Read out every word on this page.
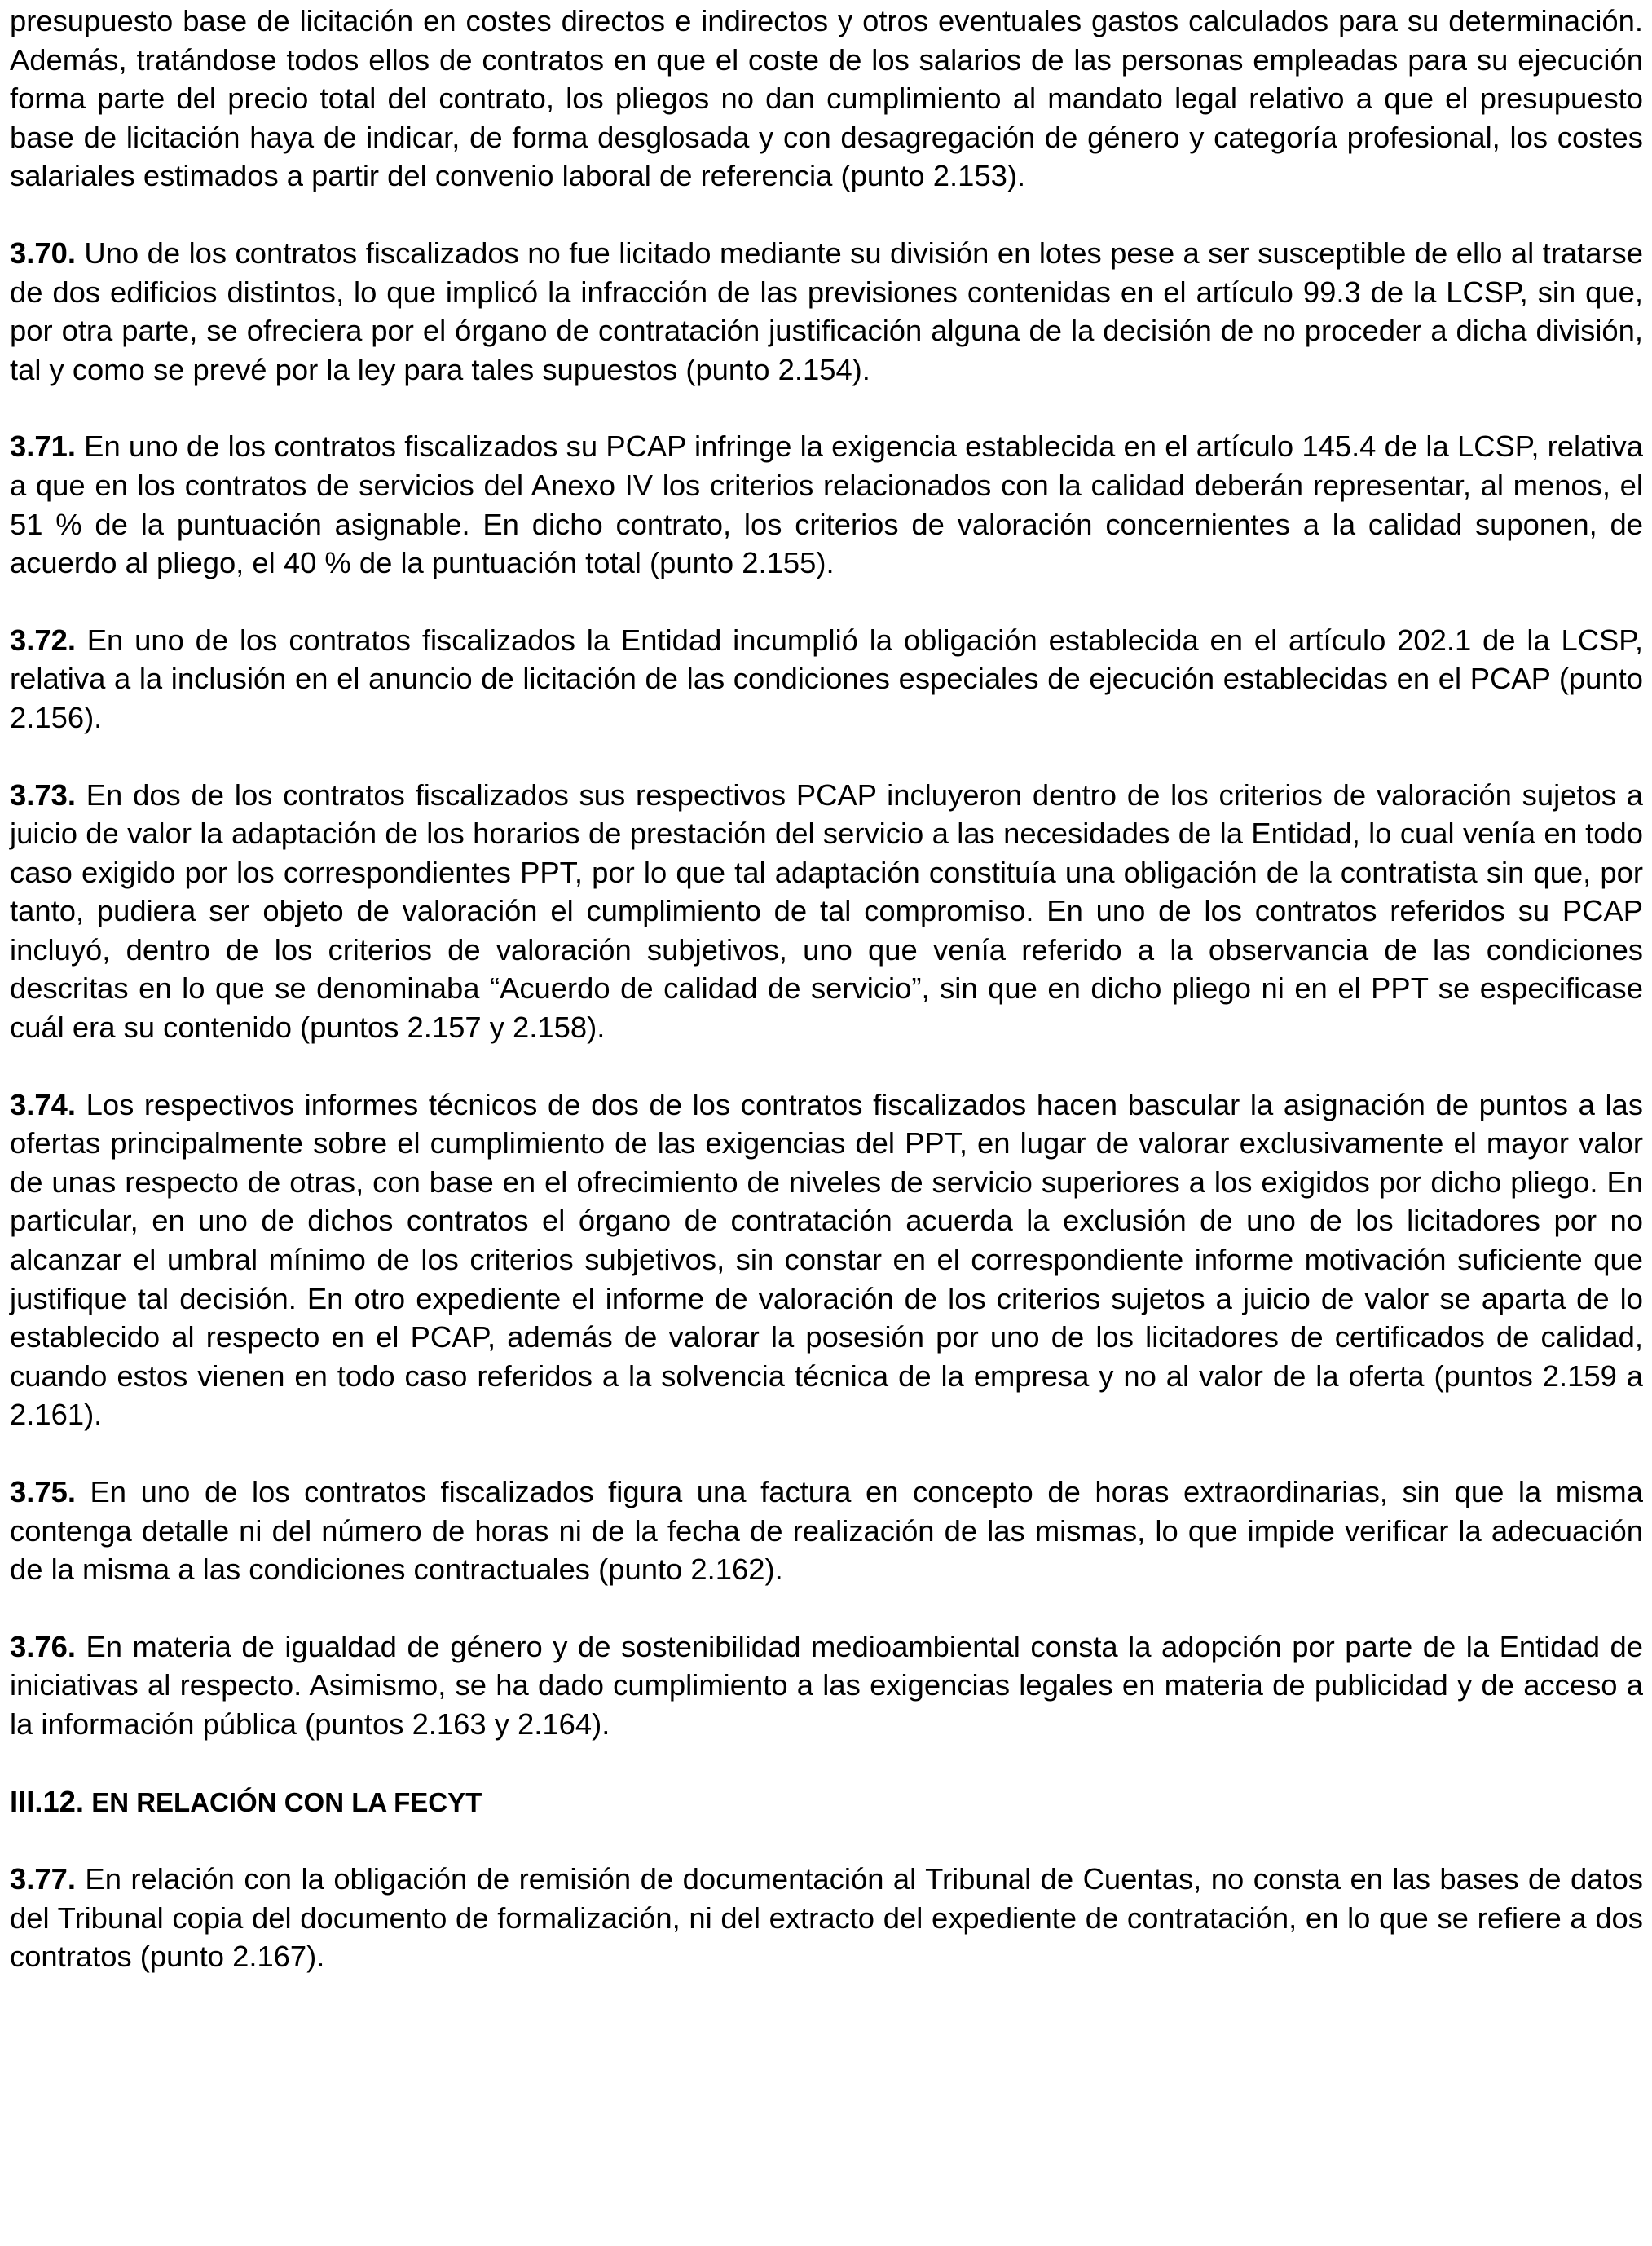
presupuesto base de licitación en costes directos e indirectos y otros eventuales gastos calculados para su determinación. Además, tratándose todos ellos de contratos en que el coste de los salarios de las personas empleadas para su ejecución forma parte del precio total del contrato, los pliegos no dan cumplimiento al mandato legal relativo a que el presupuesto base de licitación haya de indicar, de forma desglosada y con desagregación de género y categoría profesional, los costes salariales estimados a partir del convenio laboral de referencia (punto 2.153).

3.70. Uno de los contratos fiscalizados no fue licitado mediante su división en lotes pese a ser susceptible de ello al tratarse de dos edificios distintos, lo que implicó la infracción de las previsiones contenidas en el artículo 99.3 de la LCSP, sin que, por otra parte, se ofreciera por el órgano de contratación justificación alguna de la decisión de no proceder a dicha división, tal y como se prevé por la ley para tales supuestos (punto 2.154).

3.71. En uno de los contratos fiscalizados su PCAP infringe la exigencia establecida en el artículo 145.4 de la LCSP, relativa a que en los contratos de servicios del Anexo IV los criterios relacionados con la calidad deberán representar, al menos, el 51 % de la puntuación asignable. En dicho contrato, los criterios de valoración concernientes a la calidad suponen, de acuerdo al pliego, el 40 % de la puntuación total (punto 2.155).

3.72. En uno de los contratos fiscalizados la Entidad incumplió la obligación establecida en el artículo 202.1 de la LCSP, relativa a la inclusión en el anuncio de licitación de las condiciones especiales de ejecución establecidas en el PCAP (punto 2.156).

3.73. En dos de los contratos fiscalizados sus respectivos PCAP incluyeron dentro de los criterios de valoración sujetos a juicio de valor la adaptación de los horarios de prestación del servicio a las necesidades de la Entidad, lo cual venía en todo caso exigido por los correspondientes PPT, por lo que tal adaptación constituía una obligación de la contratista sin que, por tanto, pudiera ser objeto de valoración el cumplimiento de tal compromiso. En uno de los contratos referidos su PCAP incluyó, dentro de los criterios de valoración subjetivos, uno que venía referido a la observancia de las condiciones descritas en lo que se denominaba “Acuerdo de calidad de servicio”, sin que en dicho pliego ni en el PPT se especificase cuál era su contenido (puntos 2.157 y 2.158).

3.74. Los respectivos informes técnicos de dos de los contratos fiscalizados hacen bascular la asignación de puntos a las ofertas principalmente sobre el cumplimiento de las exigencias del PPT, en lugar de valorar exclusivamente el mayor valor de unas respecto de otras, con base en el ofrecimiento de niveles de servicio superiores a los exigidos por dicho pliego. En particular, en uno de dichos contratos el órgano de contratación acuerda la exclusión de uno de los licitadores por no alcanzar el umbral mínimo de los criterios subjetivos, sin constar en el correspondiente informe motivación suficiente que justifique tal decisión. En otro expediente el informe de valoración de los criterios sujetos a juicio de valor se aparta de lo establecido al respecto en el PCAP, además de valorar la posesión por uno de los licitadores de certificados de calidad, cuando estos vienen en todo caso referidos a la solvencia técnica de la empresa y no al valor de la oferta (puntos 2.159 a 2.161).

3.75. En uno de los contratos fiscalizados figura una factura en concepto de horas extraordinarias, sin que la misma contenga detalle ni del número de horas ni de la fecha de realización de las mismas, lo que impide verificar la adecuación de la misma a las condiciones contractuales (punto 2.162).

3.76. En materia de igualdad de género y de sostenibilidad medioambiental consta la adopción por parte de la Entidad de iniciativas al respecto. Asimismo, se ha dado cumplimiento a las exigencias legales en materia de publicidad y de acceso a la información pública (puntos 2.163 y 2.164).

III.12. EN RELACIÓN CON LA FECYT

3.77. En relación con la obligación de remisión de documentación al Tribunal de Cuentas, no consta en las bases de datos del Tribunal copia del documento de formalización, ni del extracto del expediente de contratación, en lo que se refiere a dos contratos (punto 2.167).
